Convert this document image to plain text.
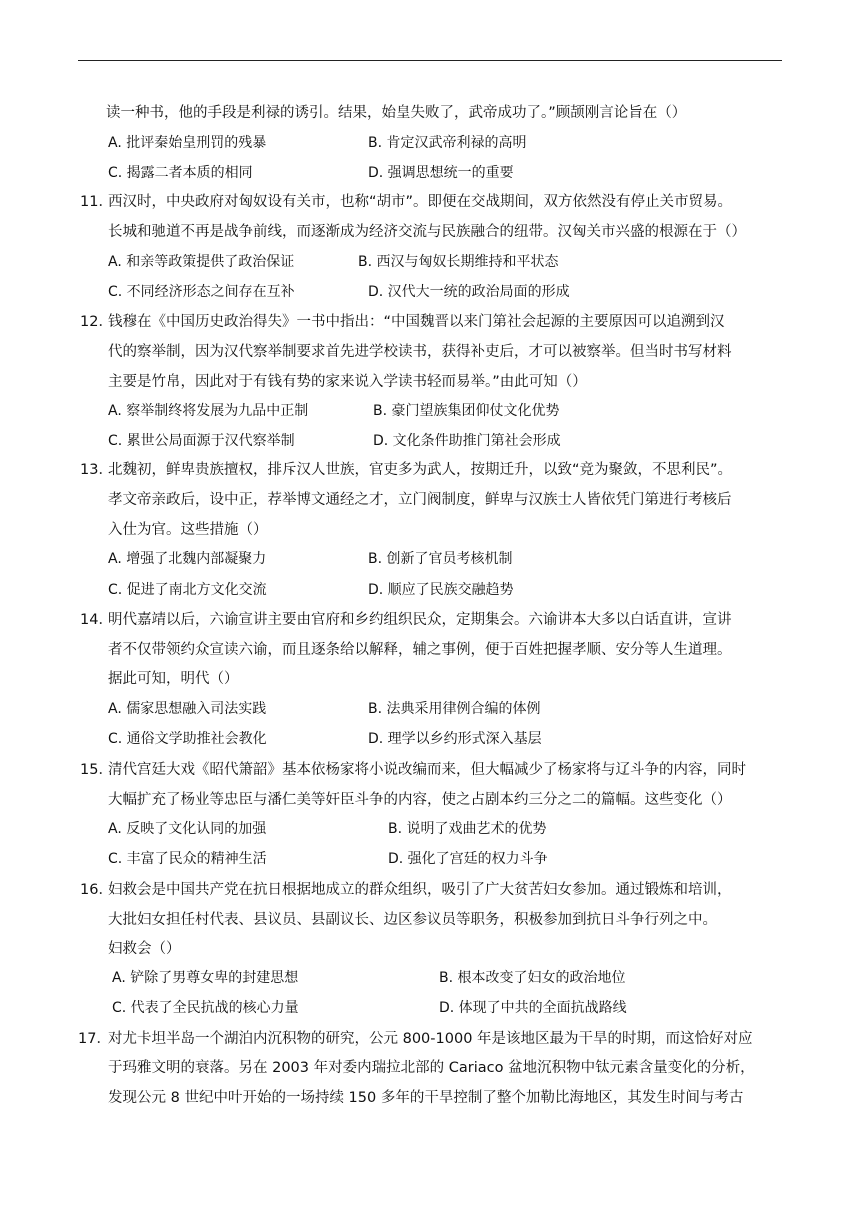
读一种书，他的手段是利禄的诱引。结果，始皇失败了，武帝成功了。”顾颉刚言论旨在（）
A. 批评秦始皇刑罚的残暴	B. 肯定汉武帝利禄的高明
C. 揭露二者本质的相同	D. 强调思想统一的重要
11．
西汉时，中央政府对匈奴设有关市，也称“胡市”。即便在交战期间，双方依然没有停止关市贸易。
长城和驰道不再是战争前线，而逐渐成为经济交流与民族融合的纽带。汉匈关市兴盛的根源在于（）
A. 和亲等政策提供了政治保证	B. 西汉与匈奴长期维持和平状态
C. 不同经济形态之间存在互补	D. 汉代大一统的政治局面的形成
12．
钱穆在《中国历史政治得失》一书中指出：“中国魏晋以来门第社会起源的主要原因可以追溯到汉
代的察举制，因为汉代察举制要求首先进学校读书，获得补吏后，才可以被察举。但当时书写材料
主要是竹帛，因此对于有钱有势的家来说入学读书轻而易举。”由此可知（）
A. 察举制终将发展为九品中正制	B. 豪门望族集团仰仗文化优势
C. 累世公局面源于汉代察举制	D. 文化条件助推门第社会形成
13．
北魏初，鲜卑贵族擅权，排斥汉人世族，官吏多为武人，按期迁升，以致“竞为聚敛，不思利民”。
孝文帝亲政后，设中正，荐举博文通经之才，立门阀制度，鲜卑与汉族士人皆依凭门第进行考核后
入仕为官。这些措施（）
A. 增强了北魏内部凝聚力	B. 创新了官员考核机制
C. 促进了南北方文化交流	D. 顺应了民族交融趋势
14．
明代嘉靖以后，六谕宣讲主要由官府和乡约组织民众，定期集会。六谕讲本大多以白话直讲，宣讲
者不仅带领约众宣读六谕，而且逐条给以解释，辅之事例，便于百姓把握孝顺、安分等人生道理。
据此可知，明代（）
A. 儒家思想融入司法实践	B. 法典采用律例合编的体例
C. 通俗文学助推社会教化	D. 理学以乡约形式深入基层
15．
清代宫廷大戏《昭代箫韶》基本依杨家将小说改编而来，但大幅减少了杨家将与辽斗争的内容，同时
大幅扩充了杨业等忠臣与潘仁美等奸臣斗争的内容，使之占剧本约三分之二的篇幅。这些变化（）
A. 反映了文化认同的加强	B. 说明了戏曲艺术的优势
C. 丰富了民众的精神生活	D. 强化了宫廷的权力斗争
16．
妇救会是中国共产党在抗日根据地成立的群众组织，吸引了广大贫苦妇女参加。通过锻炼和培训，
大批妇女担任村代表、县议员、县副议长、边区参议员等职务，积极参加到抗日斗争行列之中。
妇救会（）
A. 铲除了男尊女卑的封建思想	B. 根本改变了妇女的政治地位
C. 代表了全民抗战的核心力量	D. 体现了中共的全面抗战路线
17．
对尤卡坦半岛一个湖泊内沉积物的研究，公元 800-1000 年是该地区最为干旱的时期，而这恰好对应
于玛雅文明的衰落。另在 2003 年对委内瑞拉北部的 Cariaco 盆地沉积物中钛元素含量变化的分析，
发现公元 8 世纪中叶开始的一场持续 150 多年的干旱控制了整个加勒比海地区，其发生时间与考古
